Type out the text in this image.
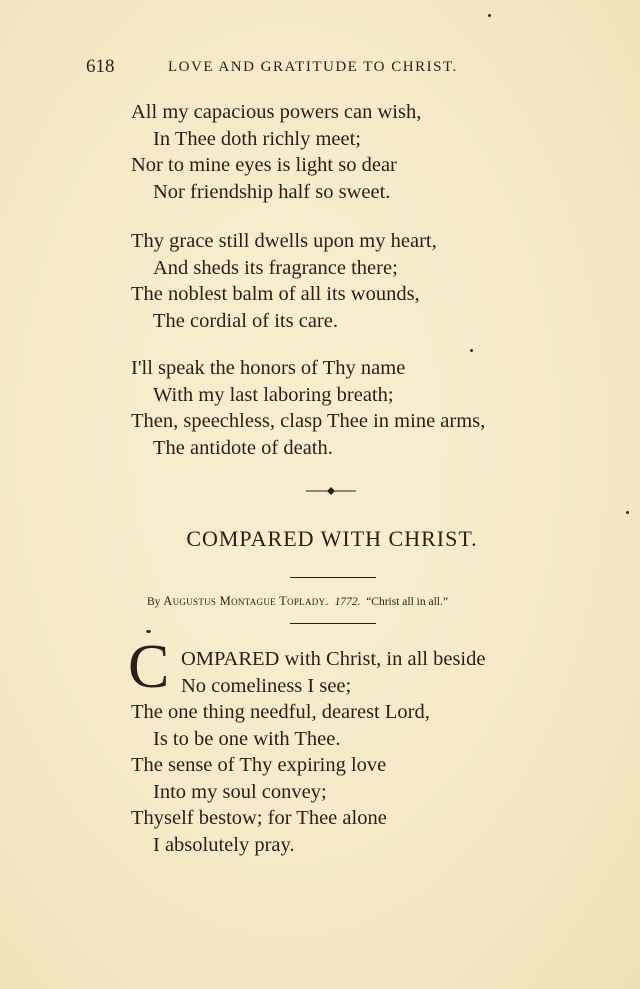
618	LOVE AND GRATITUDE TO CHRIST.
All my capacious powers can wish,
In Thee doth richly meet;
Nor to mine eyes is light so dear
Nor friendship half so sweet.
Thy grace still dwells upon my heart,
And sheds its fragrance there;
The noblest balm of all its wounds,
The cordial of its care.
I'll speak the honors of Thy name
With my last laboring breath;
Then, speechless, clasp Thee in mine arms,
The antidote of death.
COMPARED WITH CHRIST.
By Augustus Montague Toplady. 1772. “Christ all in all.”
C OMPARED with Christ, in all beside
No comeliness I see;
The one thing needful, dearest Lord,
Is to be one with Thee.
The sense of Thy expiring love
Into my soul convey;
Thyself bestow; for Thee alone
I absolutely pray.
